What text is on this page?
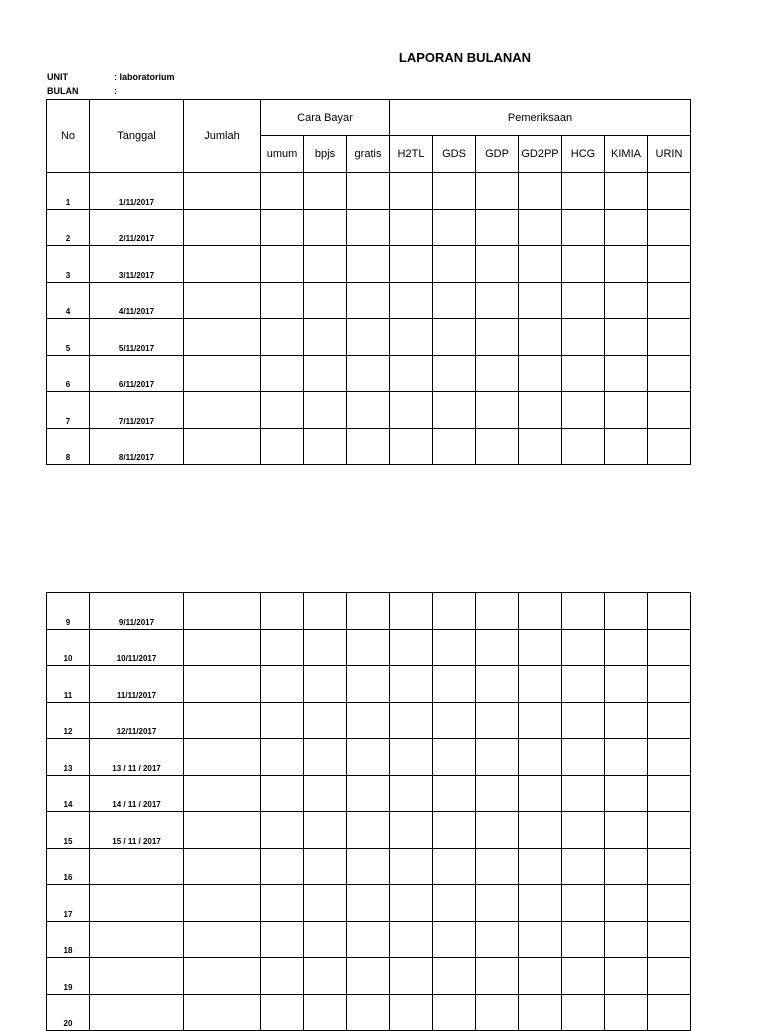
LAPORAN BULANAN
UNIT	: laboratorium
BULAN	:
No	Tanggal	Jumlah	Cara Bayar			Pemeriksaan						
			umum	bpjs	gratis	H2TL	GDS	GDP	GD2PP	HCG	KIMIA	URIN
1	1/11/2017											
2	2/11/2017											
3	3/11/2017											
4	4/11/2017											
5	5/11/2017											
6	6/11/2017											
7	7/11/2017											
8	8/11/2017											
9	9/11/2017											
10	10/11/2017											
11	11/11/2017											
12	12/11/2017											
13	13 / 11 / 2017											
14	14 / 11 / 2017											
15	15 / 11 / 2017											
16												
17												
18												
19												
20												
